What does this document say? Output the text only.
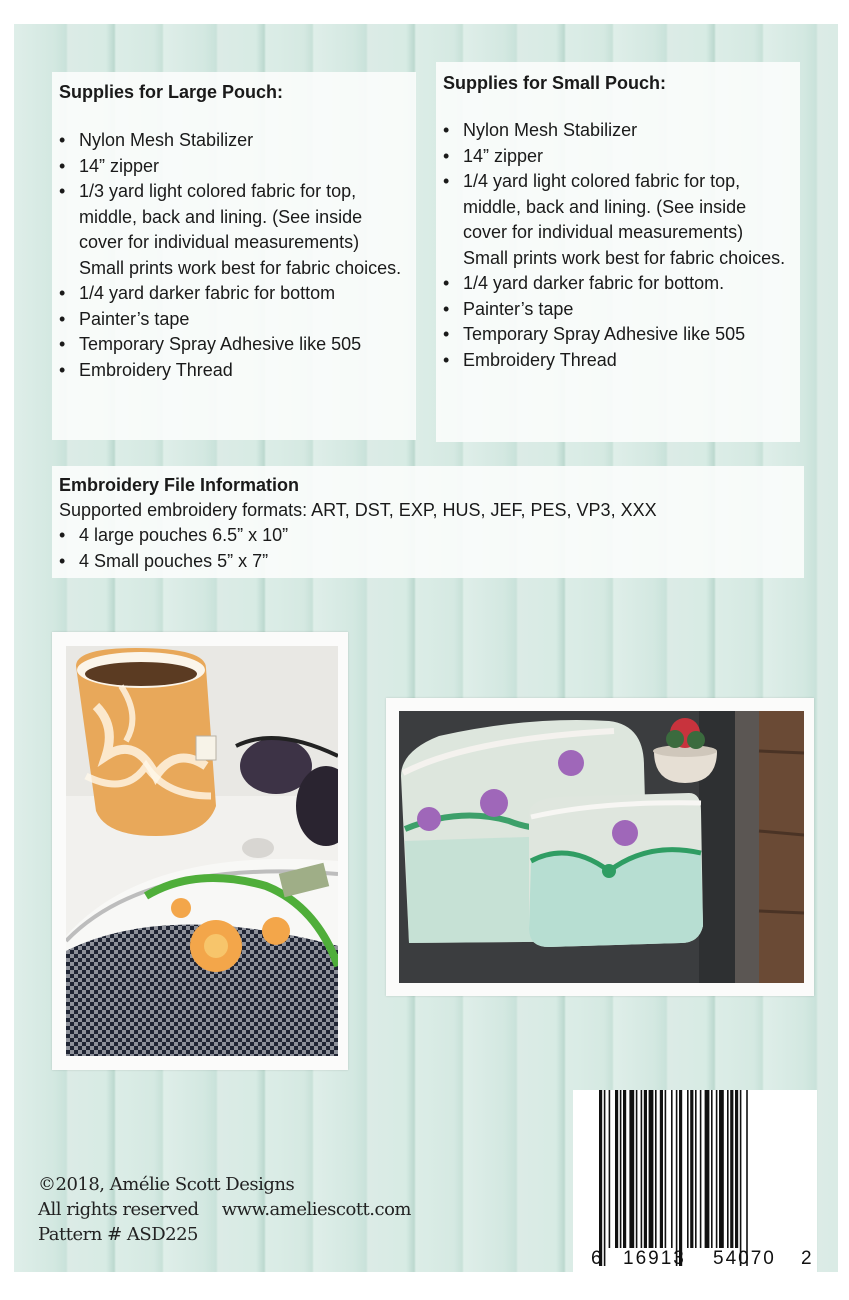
Supplies for Large Pouch:
• Nylon Mesh Stabilizer
• 14” zipper
• 1/3 yard light colored fabric for top, middle, back and lining. (See inside cover for individual measurements) Small prints work best for fabric choices.
• 1/4 yard darker fabric for bottom
• Painter’s tape
• Temporary Spray Adhesive like 505
• Embroidery Thread
Supplies for Small Pouch:
• Nylon Mesh Stabilizer
• 14” zipper
• 1/4 yard light colored fabric for top, middle, back and lining. (See inside cover for individual measurements) Small prints work best for fabric choices.
• 1/4 yard darker fabric for bottom.
• Painter’s tape
• Temporary Spray Adhesive like 505
• Embroidery Thread
Embroidery File Information
Supported embroidery formats: ART, DST, EXP, HUS, JEF, PES, VP3, XXX
• 4 large pouches 6.5” x 10”
• 4 Small pouches 5” x 7”
©2018, Amélie Scott Designs
All rights reserved www.ameliescott.com
Pattern # ASD225
6 16913 54070 2
